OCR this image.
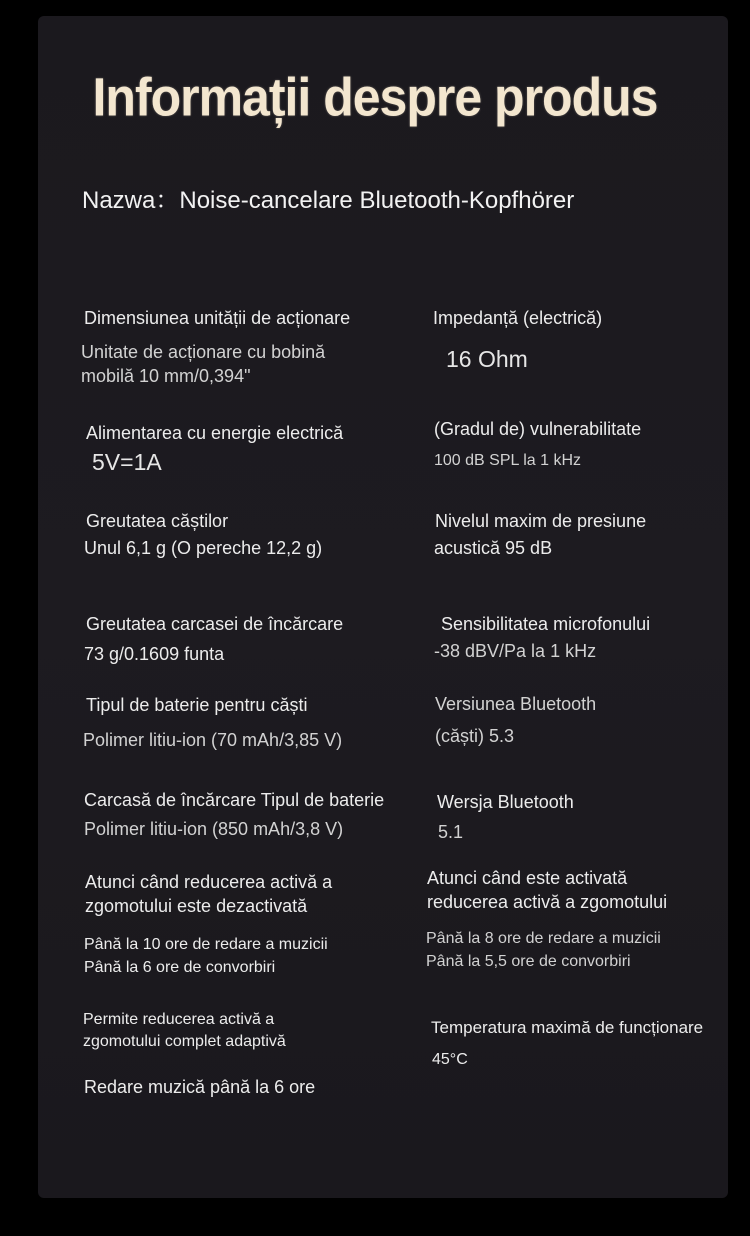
Informații despre produs
Nazwa：Noise-cancelare Bluetooth-Kopfhörer
Dimensiunea unității de acționare
Unitate de acționare cu bobină
mobilă 10 mm/0,394"
Impedanță (electrică)
16 Ohm
Alimentarea cu energie electrică
5V=1A
(Gradul de) vulnerabilitate
100 dB SPL la 1 kHz
Greutatea căștilor
Unul 6,1 g (O pereche 12,2 g)
Nivelul maxim de presiune
acustică 95 dB
Greutatea carcasei de încărcare
73 g/0.1609 funta
Sensibilitatea microfonului
-38 dBV/Pa la 1 kHz
Tipul de baterie pentru căști
Polimer litiu-ion (70 mAh/3,85 V)
Versiunea Bluetooth
(căști) 5.3
Carcasă de încărcare Tipul de baterie
Polimer litiu-ion (850 mAh/3,8 V)
Wersja Bluetooth
5.1
Atunci când reducerea activă a
zgomotului este dezactivată
Până la 10 ore de redare a muzicii
Până la 6 ore de convorbiri
Atunci când este activată
reducerea activă a zgomotului
Până la 8 ore de redare a muzicii
Până la 5,5 ore de convorbiri
Permite reducerea activă a
zgomotului complet adaptivă
Redare muzică până la 6 ore
Temperatura maximă de funcționare
45°C
